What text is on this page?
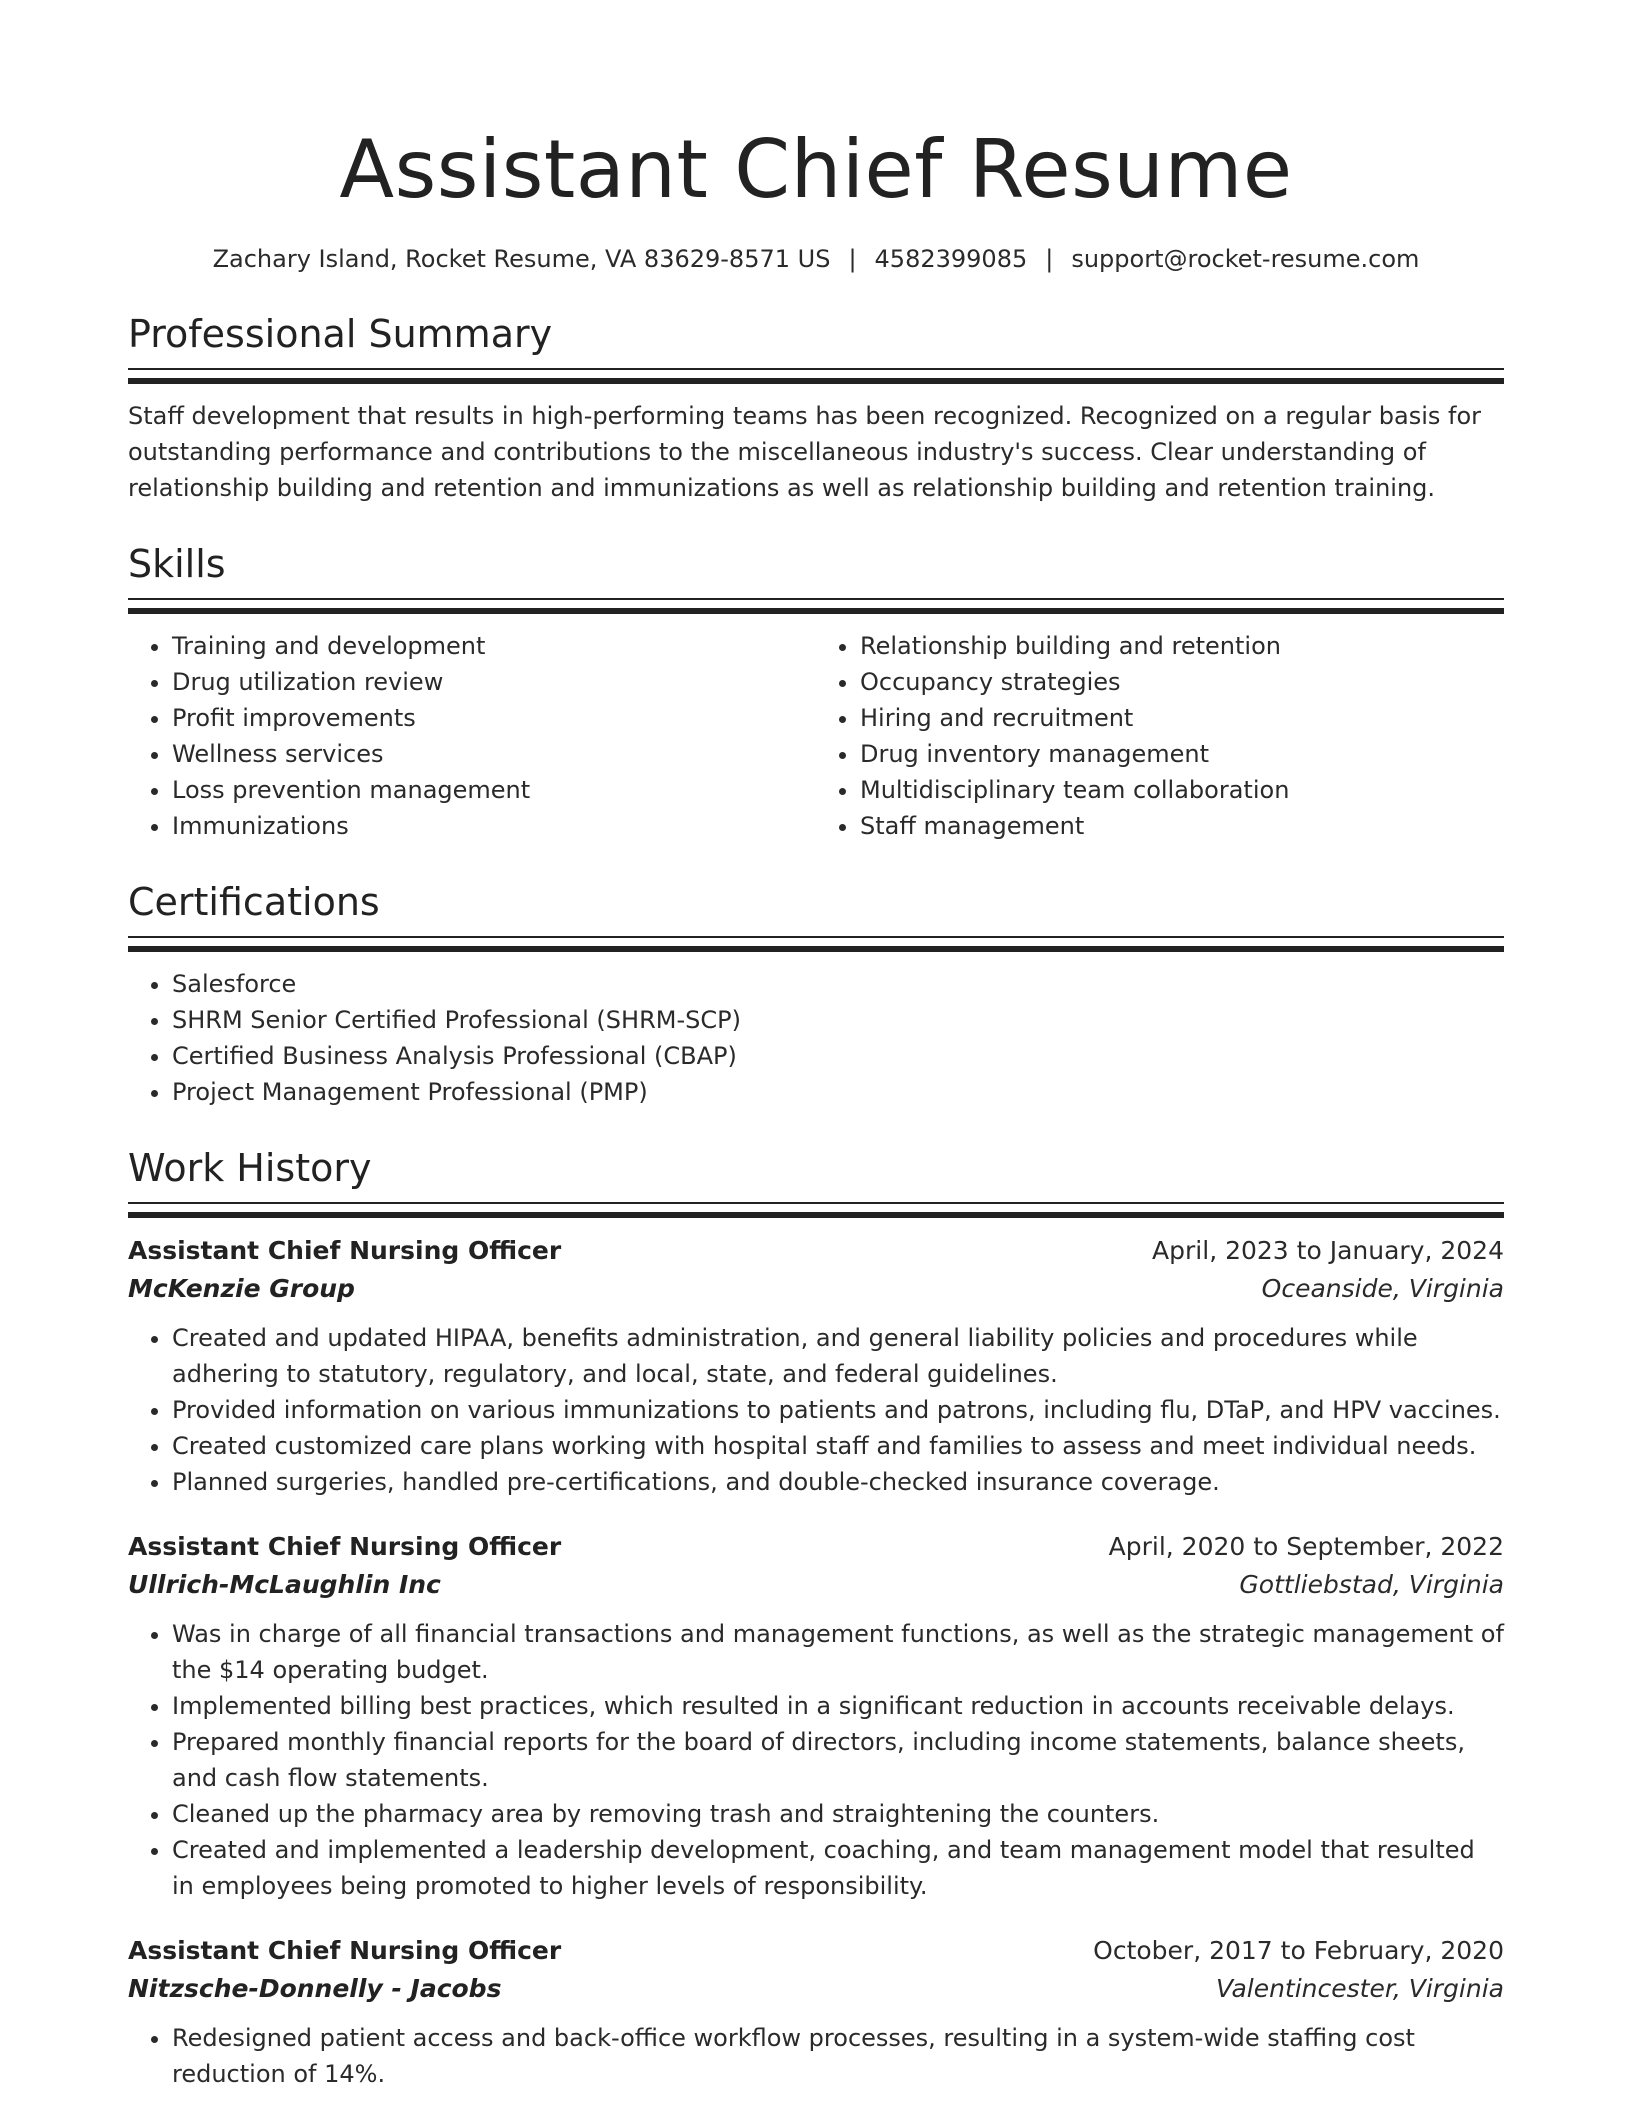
Assistant Chief Resume
Zachary Island, Rocket Resume, VA 83629-8571 US | 4582399085 | support@rocket-resume.com
Professional Summary

Staff development that results in high-performing teams has been recognized. Recognized on a regular basis for outstanding performance and contributions to the miscellaneous industry's success. Clear understanding of relationship building and retention and immunizations as well as relationship building and retention training.

Skills
• Training and development
• Drug utilization review
• Profit improvements
• Wellness services
• Loss prevention management
• Immunizations
• Relationship building and retention
• Occupancy strategies
• Hiring and recruitment
• Drug inventory management
• Multidisciplinary team collaboration
• Staff management
Certifications
• Salesforce
• SHRM Senior Certified Professional (SHRM-SCP)
• Certified Business Analysis Professional (CBAP)
• Project Management Professional (PMP)
Work History
Assistant Chief Nursing Officer	April, 2023 to January, 2024
McKenzie Group	Oceanside, Virginia
• Created and updated HIPAA, benefits administration, and general liability policies and procedures while adhering to statutory, regulatory, and local, state, and federal guidelines.
• Provided information on various immunizations to patients and patrons, including flu, DTaP, and HPV vaccines.
• Created customized care plans working with hospital staff and families to assess and meet individual needs.
• Planned surgeries, handled pre-certifications, and double-checked insurance coverage.
Assistant Chief Nursing Officer	April, 2020 to September, 2022
Ullrich-McLaughlin Inc	Gottliebstad, Virginia
• Was in charge of all financial transactions and management functions, as well as the strategic management of the $14 operating budget.
• Implemented billing best practices, which resulted in a significant reduction in accounts receivable delays.
• Prepared monthly financial reports for the board of directors, including income statements, balance sheets, and cash flow statements.
• Cleaned up the pharmacy area by removing trash and straightening the counters.
• Created and implemented a leadership development, coaching, and team management model that resulted in employees being promoted to higher levels of responsibility.
Assistant Chief Nursing Officer	October, 2017 to February, 2020
Nitzsche-Donnelly - Jacobs	Valentincester, Virginia
• Redesigned patient access and back-office workflow processes, resulting in a system-wide staffing cost reduction of 14%.
